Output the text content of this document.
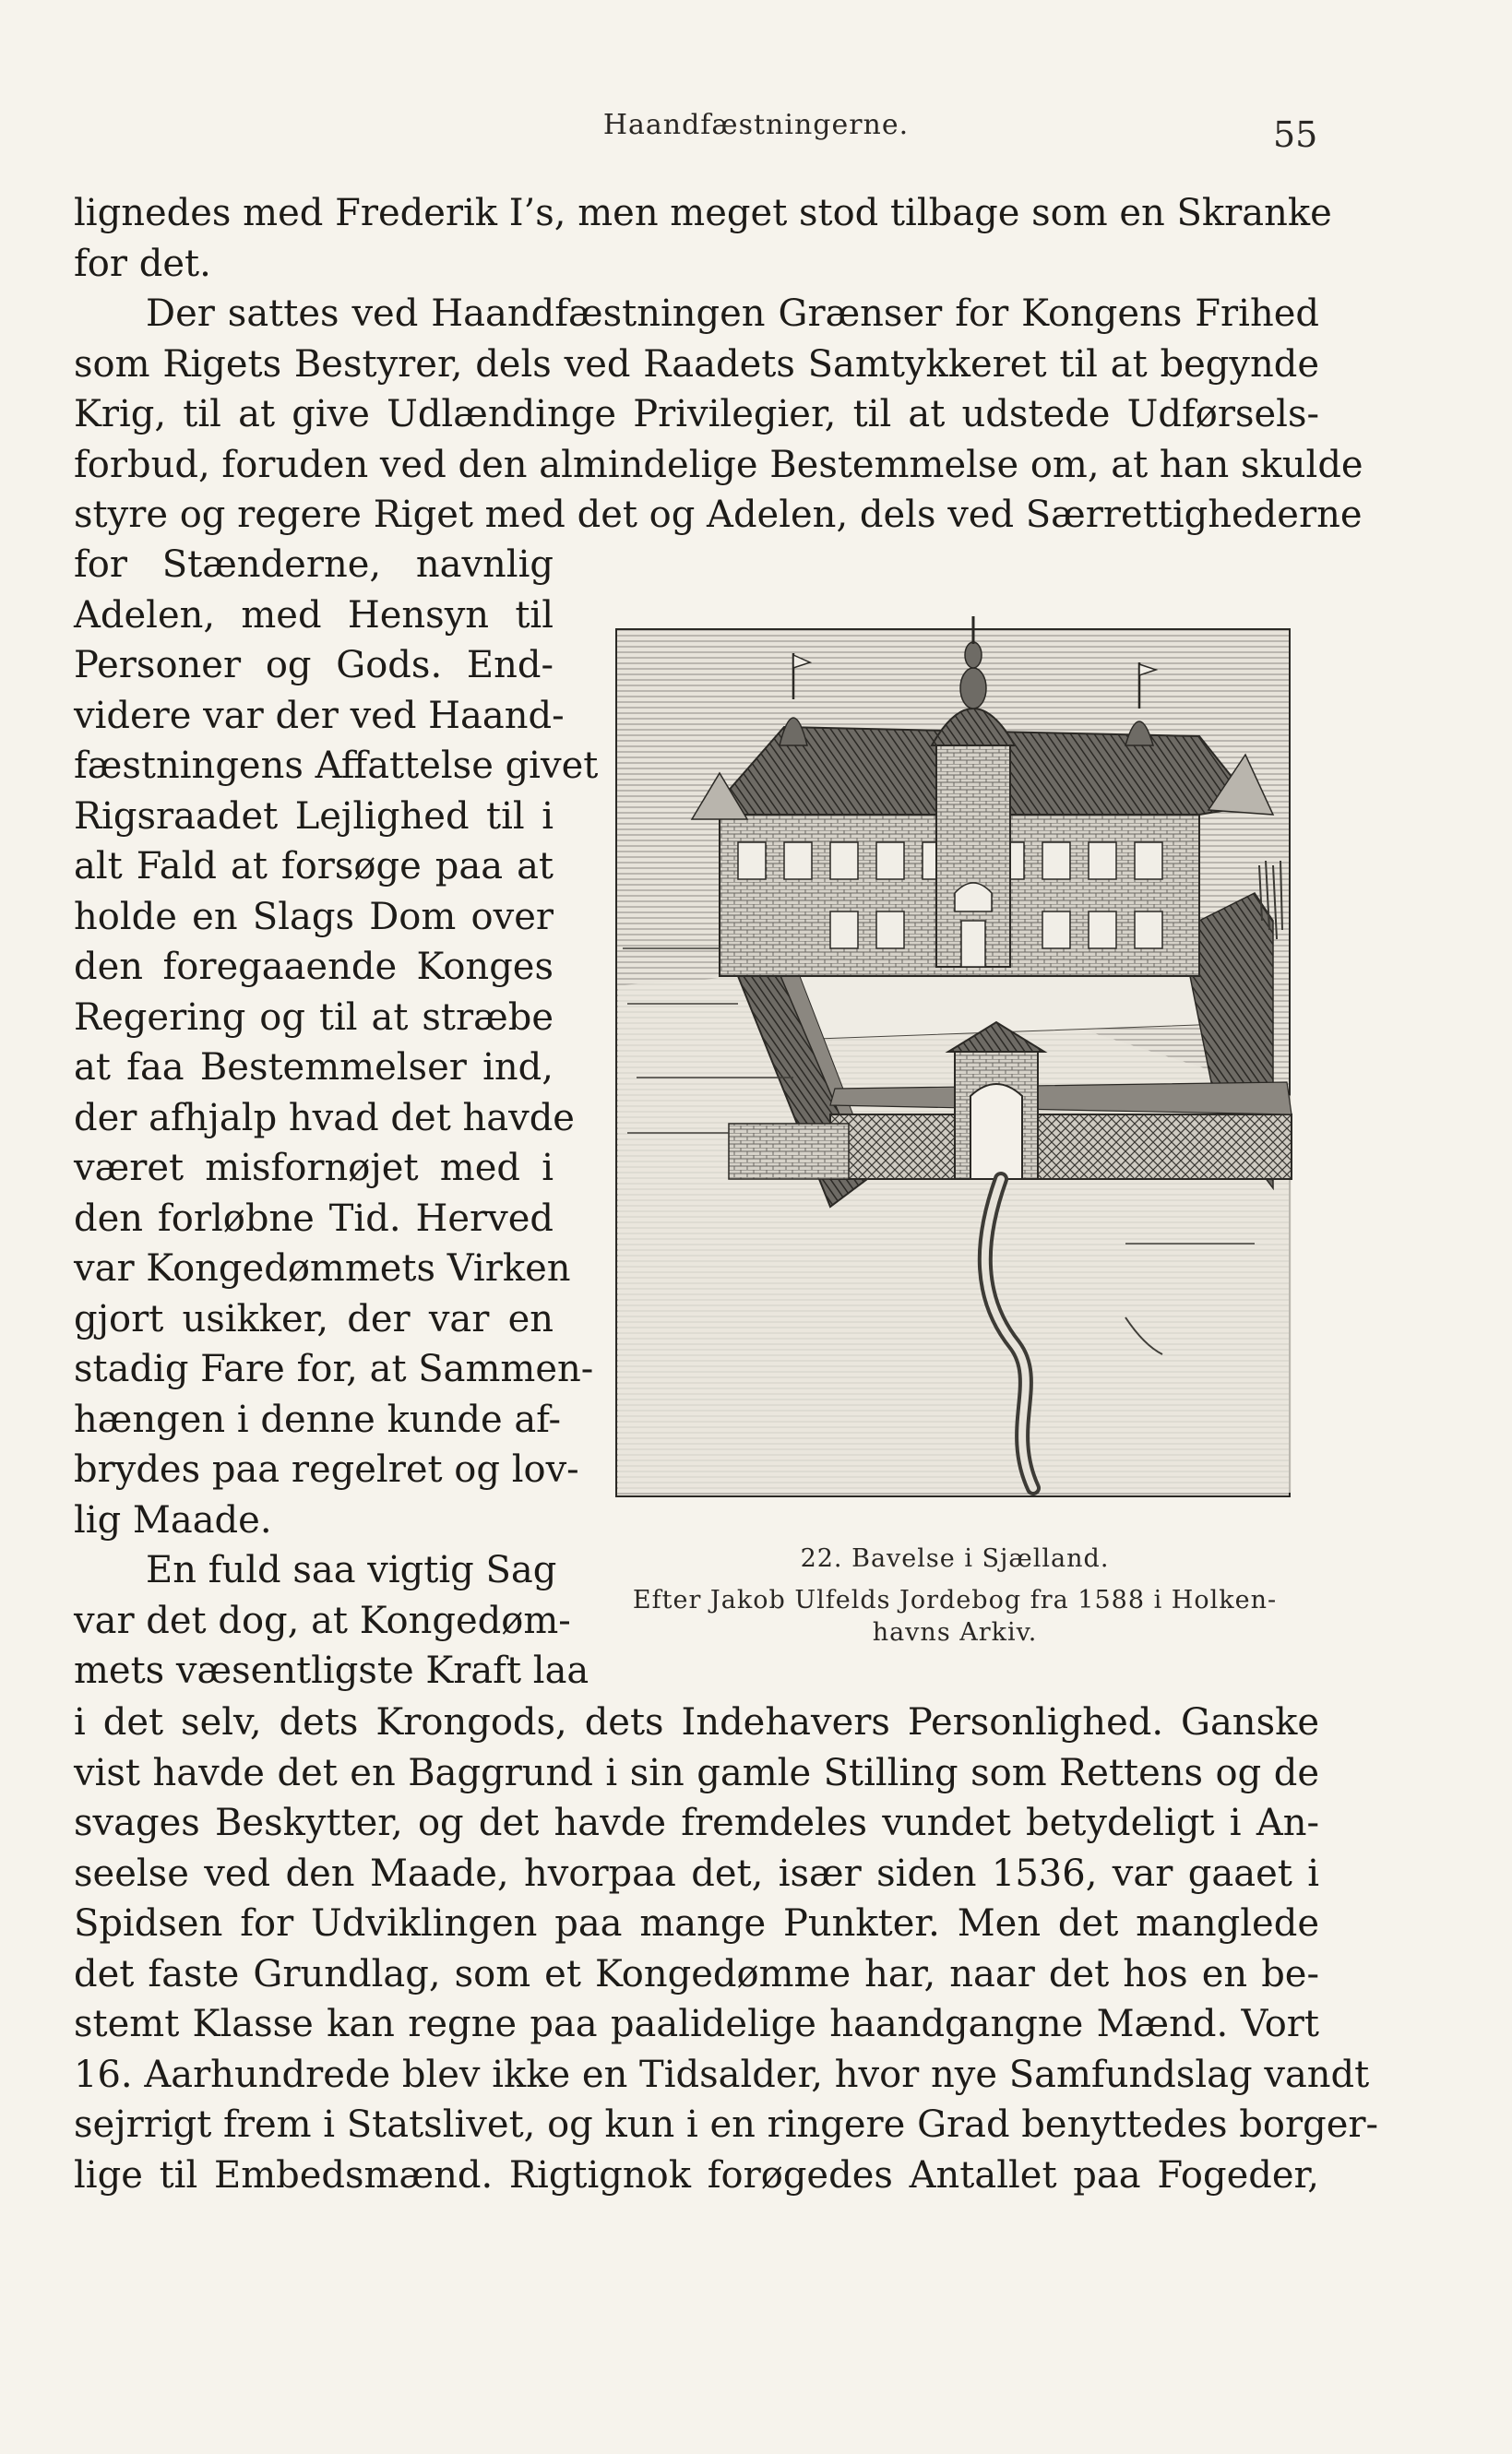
Haandfæstningerne.	55
lignedes med Frederik I’s, men meget stod tilbage som en Skranke
for det.
Der sattes ved Haandfæstningen Grænser for Kongens Frihed
som Rigets Bestyrer, dels ved Raadets Samtykkeret til at begynde
Krig, til at give Udlændinge Privilegier, til at udstede Udførsels-
forbud, foruden ved den almindelige Bestemmelse om, at han skulde
styre og regere Riget med det og Adelen, dels ved Særrettighederne
for Stænderne, navnlig
Adelen, med Hensyn til
Personer og Gods. End-
videre var der ved Haand-
fæstningens Affattelse givet
Rigsraadet Lejlighed til i
alt Fald at forsøge paa at
holde en Slags Dom over
den foregaaende Konges
Regering og til at stræbe
at faa Bestemmelser ind,
der afhjalp hvad det havde
været misfornøjet med i
den forløbne Tid. Herved
var Kongedømmets Virken
gjort usikker, der var en
stadig Fare for, at Sammen-
hængen i denne kunde af-
brydes paa regelret og lov-
lig Maade.
En fuld saa vigtig Sag
var det dog, at Kongedøm-
mets væsentligste Kraft laa
i det selv, dets Krongods, dets Indehavers Personlighed. Ganske
vist havde det en Baggrund i sin gamle Stilling som Rettens og de
svages Beskytter, og det havde fremdeles vundet betydeligt i An-
seelse ved den Maade, hvorpaa det, især siden 1536, var gaaet i
Spidsen for Udviklingen paa mange Punkter. Men det manglede
det faste Grundlag, som et Kongedømme har, naar det hos en be-
stemt Klasse kan regne paa paalidelige haandgangne Mænd. Vort
16. Aarhundrede blev ikke en Tidsalder, hvor nye Samfundslag vandt
sejrrigt frem i Statslivet, og kun i en ringere Grad benyttedes borger-
lige til Embedsmænd. Rigtignok forøgedes Antallet paa Fogeder,
22. Bavelse i Sjælland.
Efter Jakob Ulfelds Jordebog fra 1588 i Holken-
havns Arkiv.
